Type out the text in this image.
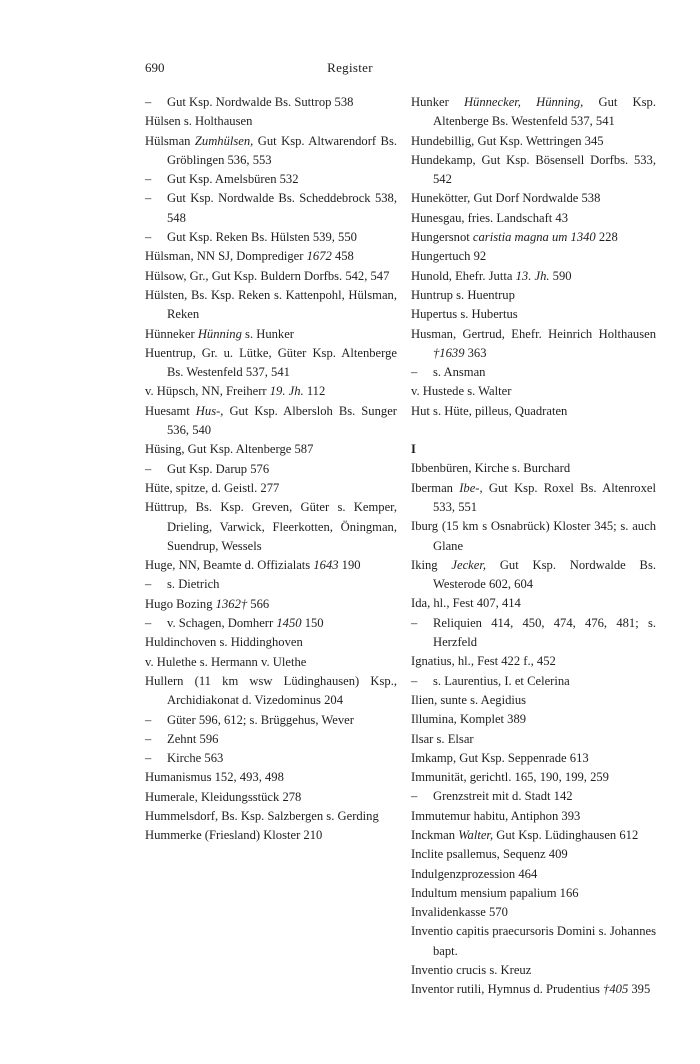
690	Register
– Gut Ksp. Nordwalde Bs. Suttrop 538
Hülsen s. Holthausen
Hülsman Zumhülsen, Gut Ksp. Altwarendorf Bs. Gröblingen 536, 553
– Gut Ksp. Amelsbüren 532
– Gut Ksp. Nordwalde Bs. Scheddebrock 538, 548
– Gut Ksp. Reken Bs. Hülsten 539, 550
Hülsman, NN SJ, Domprediger 1672 458
Hülsow, Gr., Gut Ksp. Buldern Dorfbs. 542, 547
Hülsten, Bs. Ksp. Reken s. Kattenpohl, Hülsman, Reken
Hünneker Hünning s. Hunker
Huentrup, Gr. u. Lütke, Güter Ksp. Altenberge Bs. Westenfeld 537, 541
v. Hüpsch, NN, Freiherr 19. Jh. 112
Huesamt Hus-, Gut Ksp. Albersloh Bs. Sunger 536, 540
Hüsing, Gut Ksp. Altenberge 587
– Gut Ksp. Darup 576
Hüte, spitze, d. Geistl. 277
Hüttrup, Bs. Ksp. Greven, Güter s. Kemper, Drieling, Varwick, Fleerkotten, Öningman, Suendrup, Wessels
Huge, NN, Beamte d. Offizialats 1643 190
– s. Dietrich
Hugo Bozing 1362† 566
– v. Schagen, Domherr 1450 150
Huldinchoven s. Hiddinghoven
v. Hulethe s. Hermann v. Ulethe
Hullern (11 km wsw Lüdinghausen) Ksp., Archidiakonat d. Vizedominus 204
– Güter 596, 612; s. Brüggehus, Wever
– Zehnt 596
– Kirche 563
Humanismus 152, 493, 498
Humerale, Kleidungsstück 278
Hummelsdorf, Bs. Ksp. Salzbergen s. Gerding
Hummerke (Friesland) Kloster 210
Hunker Hünnecker, Hünning, Gut Ksp. Altenberge Bs. Westenfeld 537, 541
Hundebillig, Gut Ksp. Wettringen 345
Hundekamp, Gut Ksp. Bösensell Dorfbs. 533, 542
Hunekötter, Gut Dorf Nordwalde 538
Hunesgau, fries. Landschaft 43
Hungersnot caristia magna um 1340 228
Hungertuch 92
Hunold, Ehefr. Jutta 13. Jh. 590
Huntrup s. Huentrup
Hupertus s. Hubertus
Husman, Gertrud, Ehefr. Heinrich Holthausen †1639 363
– s. Ansman
v. Hustede s. Walter
Hut s. Hüte, pilleus, Quadraten
I
Ibbenbüren, Kirche s. Burchard
Iberman Ibe-, Gut Ksp. Roxel Bs. Altenroxel 533, 551
Iburg (15 km s Osnabrück) Kloster 345; s. auch Glane
Iking Jecker, Gut Ksp. Nordwalde Bs. Westerode 602, 604
Ida, hl., Fest 407, 414
– Reliquien 414, 450, 474, 476, 481; s. Herzfeld
Ignatius, hl., Fest 422 f., 452
– s. Laurentius, I. et Celerina
Ilien, sunte s. Aegidius
Illumina, Komplet 389
Ilsar s. Elsar
Imkamp, Gut Ksp. Seppenrade 613
Immunität, gerichtl. 165, 190, 199, 259
– Grenzstreit mit d. Stadt 142
Immutemur habitu, Antiphon 393
Inckman Walter, Gut Ksp. Lüdinghausen 612
Inclite psallemus, Sequenz 409
Indulgenzprozession 464
Indultum mensium papalium 166
Invalidenkasse 570
Inventio capitis praecursoris Domini s. Johannes bapt.
Inventio crucis s. Kreuz
Inventor rutili, Hymnus d. Prudentius †405 395
